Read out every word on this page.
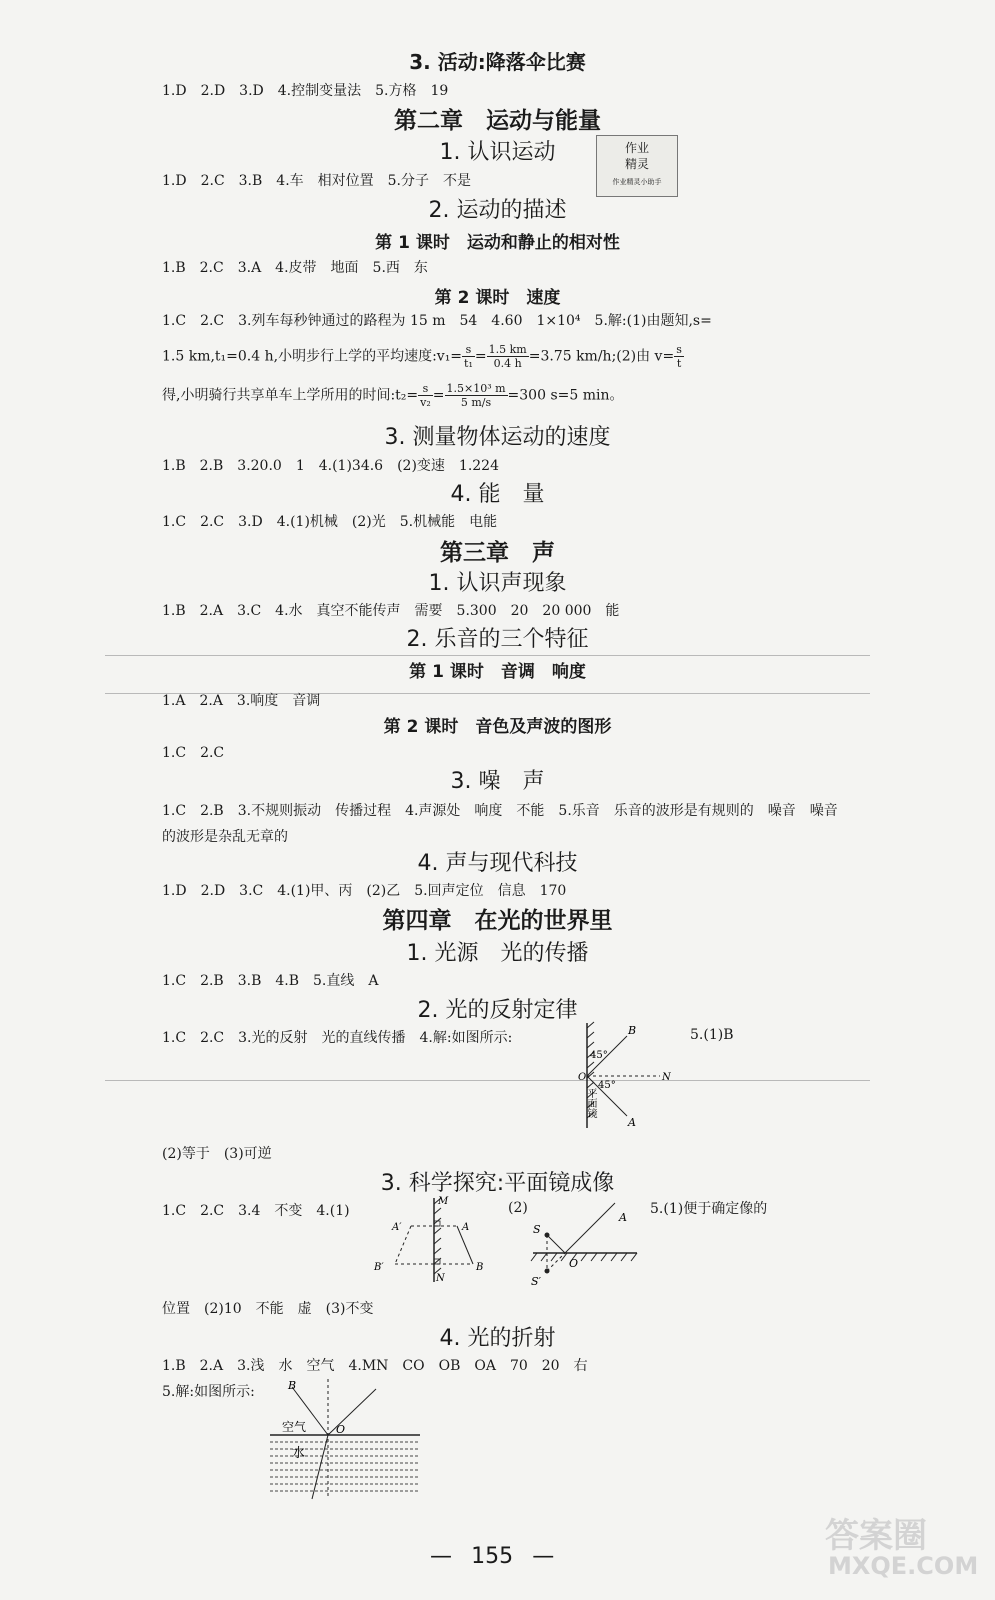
作业
精灵
作业精灵小助手
3. 活动:降落伞比赛
1.D　2.D　3.D　4.控制变量法　5.方格　19
第二章　运动与能量
1. 认识运动
1.D　2.C　3.B　4.车　相对位置　5.分子　不是
2. 运动的描述
第 1 课时　运动和静止的相对性
1.B　2.C　3.A　4.皮带　地面　5.西　东
第 2 课时　速度
1.C　2.C　3.列车每秒钟通过的路程为 15 m　54　4.60　1×10⁴　5.解:(1)由题知,s=
1.5 km,t₁=0.4 h,小明步行上学的平均速度:v₁= $\frac{s}{\text{t₁}} = \frac{1.5 km}{0.4 h} =3.75$ km/h;(2)由 $v= \frac{s}{t}$
得,小明骑行共享单车上学所用的时间:t₂= $\frac{s}{\text{v₂}} = \frac{\text{1.5×10³ m}}{5 m/s} =300$ s=5 min。
3. 测量物体运动的速度
1.B　2.B　3.20.0　1　4.(1)34.6　(2)变速　1.224
4. 能　量
1.C　2.C　3.D　4.(1)机械　(2)光　5.机械能　电能
第三章　声
1. 认识声现象
1.B　2.A　3.C　4.水　真空不能传声　需要　5.300　20　20 000　能
2. 乐音的三个特征
第 1 课时　音调　响度
1.A　2.A　3.响度　音调
第 2 课时　音色及声波的图形
1.C　2.C
3. 噪　声
1.C　2.B　3.不规则振动　传播过程　4.声源处　响度　不能　5.乐音　乐音的波形是有规则的　噪音　噪音的波形是杂乱无章的
4. 声与现代科技
1.D　2.D　3.C　4.(1)甲、丙　(2)乙　5.回声定位　信息　170
第四章　在光的世界里
1. 光源　光的传播
1.C　2.B　3.B　4.B　5.直线　A
2. 光的反射定律
1.C　2.C　3.光的反射　光的直线传播　4.解:如图所示:	5.(1)B
B
A
O	N
45°
45°
平面镜
(2)等于　(3)可逆
3. 科学探究:平面镜成像
1.C　2.C　3.4　不变　4.(1)	(2)	5.(1)便于确定像的
M
N
A
A′
B
B′
S
S′
A
O
位置　(2)10　不能　虚　(3)不变
4. 光的折射
1.B　2.A　3.浅　水　空气　4.MN　CO　OB　OA　70　20　右
5.解:如图所示:	B
O
空气
水
— 155 —
答案圈
MXQE.COM
